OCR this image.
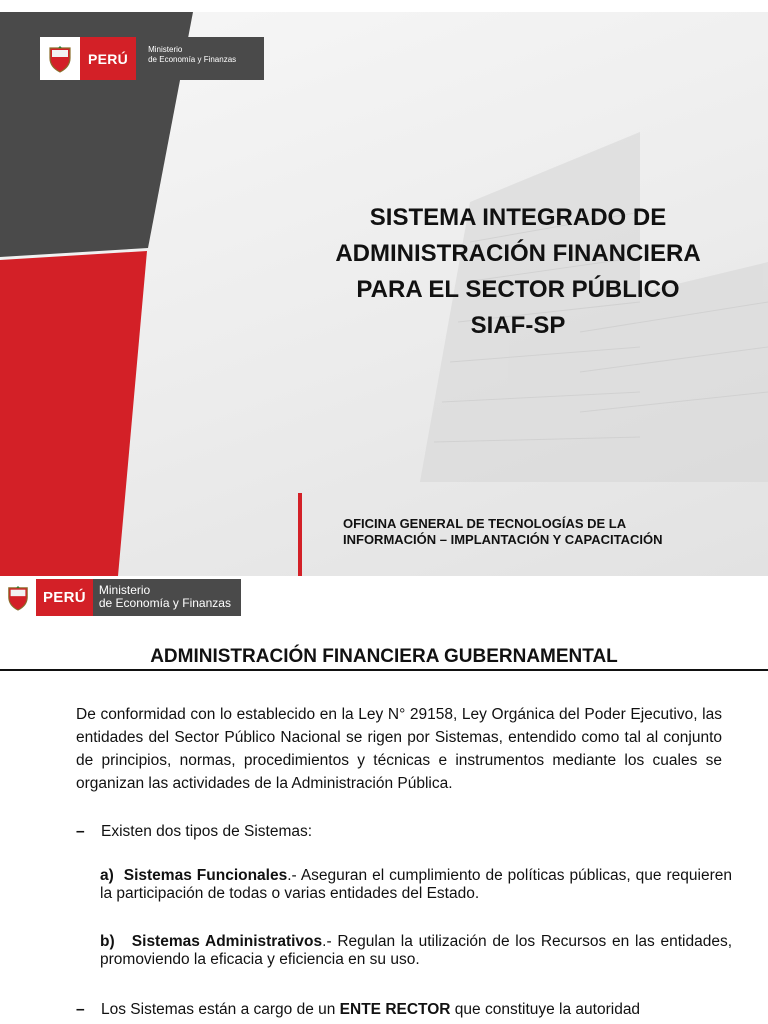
PERÚ
Ministerio
de Economía y Finanzas
SISTEMA INTEGRADO DE
ADMINISTRACIÓN FINANCIERA
PARA EL SECTOR PÚBLICO
SIAF-SP
OFICINA GENERAL DE TECNOLOGÍAS DE LA
INFORMACIÓN – IMPLANTACIÓN Y CAPACITACIÓN
PERÚ	Ministerio
de Economía y Finanzas
ADMINISTRACIÓN FINANCIERA GUBERNAMENTAL
De conformidad con lo establecido en la Ley N° 29158, Ley Orgánica del Poder Ejecutivo, las entidades del Sector Público Nacional se rigen por Sistemas, entendido como tal al conjunto de principios, normas, procedimientos y técnicas e instrumentos mediante los cuales se organizan las actividades de la Administración Pública.
– Existen dos tipos de Sistemas:
a) Sistemas Funcionales.- Aseguran el cumplimiento de políticas públicas, que requieren la participación de todas o varias entidades del Estado.
b) Sistemas Administrativos.- Regulan la utilización de los Recursos en las entidades, promoviendo la eficacia y eficiencia en su uso.
– Los Sistemas están a cargo de un ENTE RECTOR que constituye la autoridad
